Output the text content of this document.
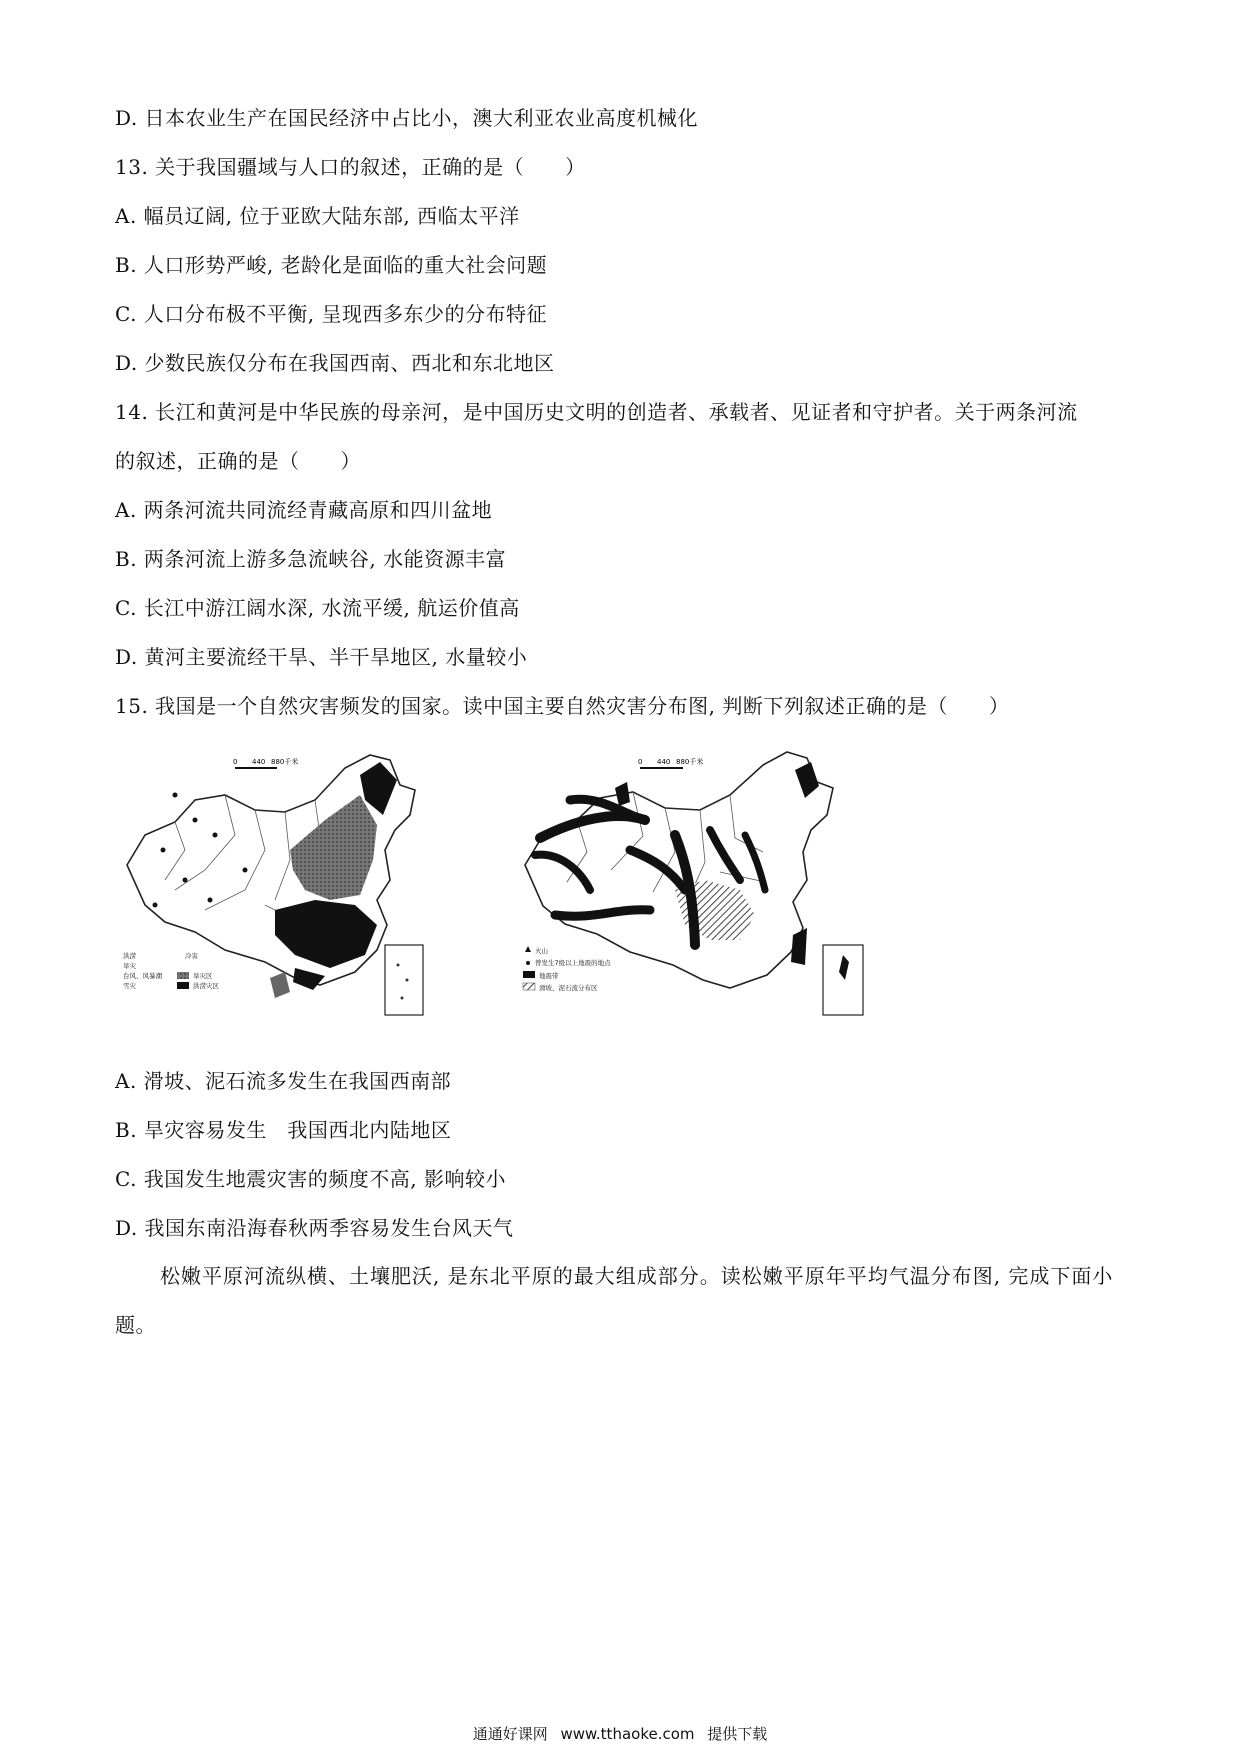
D. 日本农业生产在国民经济中占比小，澳大利亚农业高度机械化
13. 关于我国疆域与人口的叙述，正确的是（　　）
A. 幅员辽阔, 位于亚欧大陆东部, 西临太平洋
B. 人口形势严峻, 老龄化是面临的重大社会问题
C. 人口分布极不平衡, 呈现西多东少的分布特征
D. 少数民族仅分布在我国西南、西北和东北地区
14. 长江和黄河是中华民族的母亲河，是中国历史文明的创造者、承载者、见证者和守护者。关于两条河流
的叙述，正确的是（　　）
A. 两条河流共同流经青藏高原和四川盆地
B. 两条河流上游多急流峡谷, 水能资源丰富
C. 长江中游江阔水深, 水流平缓, 航运价值高
D. 黄河主要流经干旱、半干旱地区, 水量较小
15. 我国是一个自然灾害频发的国家。读中国主要自然灾害分布图, 判断下列叙述正确的是（　　）
0 440 880千米
洪涝	冷害
旱灾
台风、风暴潮	旱灾区
洪涝灾区
雪灾
0 440 880千米
火山
曾发生7级以上地震的地点
地震带
滑坡、泥石流分布区
A. 滑坡、泥石流多发生在我国西南部
B. 旱灾容易发生　我国西北内陆地区
C. 我国发生地震灾害的频度不高, 影响较小
D. 我国东南沿海春秋两季容易发生台风天气
松嫩平原河流纵横、土壤肥沃, 是东北平原的最大组成部分。读松嫩平原年平均气温分布图, 完成下面小
题。
通通好课网 www.tthaoke.com 提供下载
